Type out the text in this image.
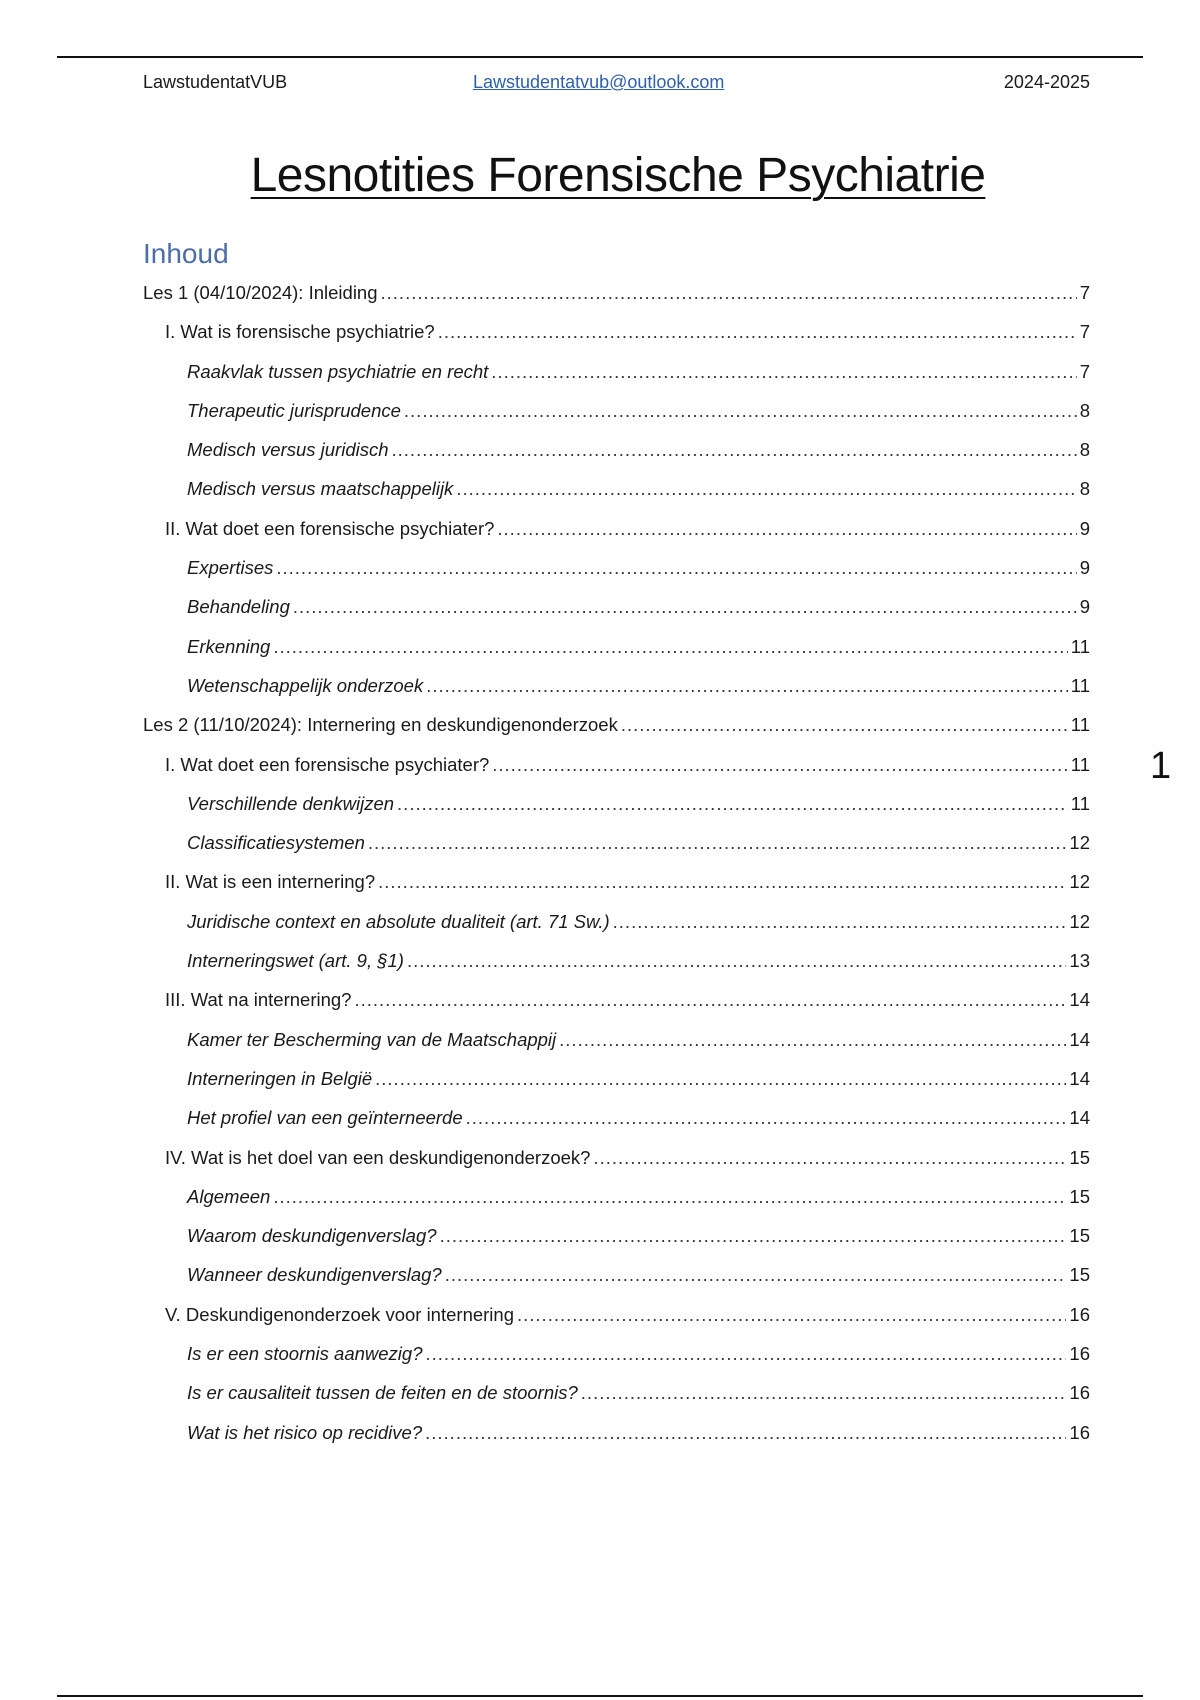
LawstudentatVUB	Lawstudentatvub@outlook.com	2024-2025
Lesnotities Forensische Psychiatrie
Inhoud
Les 1 (04/10/2024): Inleiding .....	7
I. Wat is forensische psychiatrie? .....	7
Raakvlak tussen psychiatrie en recht .....	7
Therapeutic jurisprudence .....	8
Medisch versus juridisch .....	8
Medisch versus maatschappelijk .....	8
II. Wat doet een forensische psychiater? .....	9
Expertises .....	9
Behandeling .....	9
Erkenning .....	11
Wetenschappelijk onderzoek .....	11
Les 2 (11/10/2024): Internering en deskundigenonderzoek .....	11
I. Wat doet een forensische psychiater? .....	11
Verschillende denkwijzen .....	11
Classificatiesystemen .....	12
II. Wat is een internering? .....	12
Juridische context en absolute dualiteit (art. 71 Sw.) .....	12
Interneringswet (art. 9, §1) .....	13
III. Wat na internering? .....	14
Kamer ter Bescherming van de Maatschappij .....	14
Interneringen in België .....	14
Het profiel van een geïnterneerde .....	14
IV. Wat is het doel van een deskundigenonderzoek? .....	15
Algemeen .....	15
Waarom deskundigenverslag? .....	15
Wanneer deskundigenverslag? .....	15
V. Deskundigenonderzoek voor internering .....	16
Is er een stoornis aanwezig? .....	16
Is er causaliteit tussen de feiten en de stoornis? .....	16
Wat is het risico op recidive? .....	16
1
